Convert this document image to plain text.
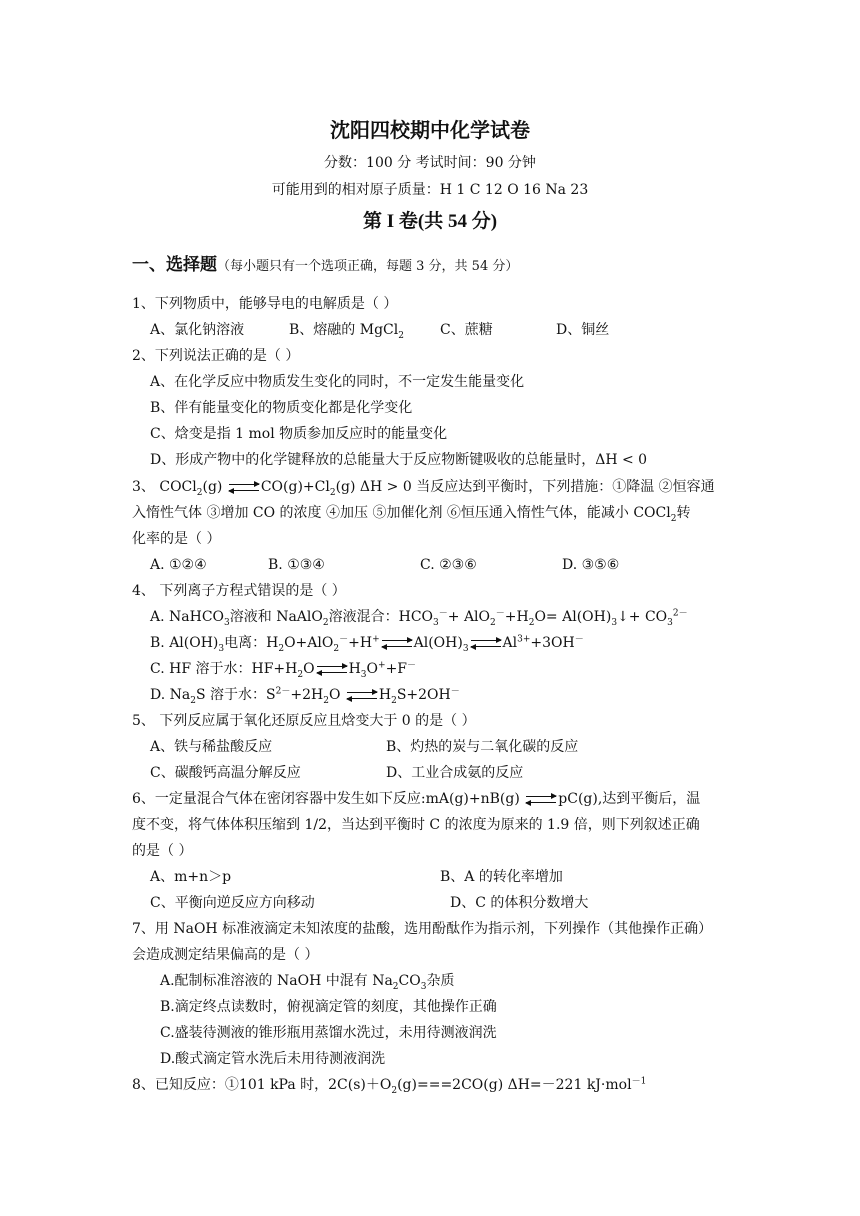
沈阳四校期中化学试卷
分数：100 分 考试时间：90 分钟
可能用到的相对原子质量：H 1 C 12 O 16 Na 23
第 I 卷(共 54 分)
一、选择题（每小题只有一个选项正确，每题 3 分，共 54 分）
1、下列物质中，能够导电的电解质是（ ）
A、氯化钠溶液	B、熔融的 MgCl$_2$	C、蔗糖	D、铜丝
2、下列说法正确的是（ ）
A、在化学反应中物质发生变化的同时，不一定发生能量变化
B、伴有能量变化的物质变化都是化学变化
C、焓变是指 1 mol 物质参加反应时的能量变化
D、形成产物中的化学键释放的总能量大于反应物断键吸收的总能量时，ΔH < 0
3、 COCl$_2$(g)	$CO(g)+Cl_2(g) \Delta H > 0$ 当反应达到平衡时，下列措施：①降温 ②恒容通
入惰性气体 ③增加 CO 的浓度 ④加压 ⑤加催化剂 ⑥恒压通入惰性气体，能减小 COCl$_2$转
化率的是（ ）
A. ①②④	B. ①③④	C. ②③⑥	D. ③⑤⑥
4、 下列离子方程式错误的是（ ）
A. NaHCO$_3$溶液和 NaAlO$_2$溶液混合：$HCO_3^-+ AlO_2^-+H_2O=$ $Al(OH)_3↓+ CO_3^{2-}$
B. $Al(OH)_3$电离：$H_2O+AlO_2^-+H^+$ $Al(OH)_3$ $Al^{3+}+3OH^-$
C. HF 溶于水：$HF+H_2O$ $H_3O^++F^-$
D. $Na_2S$ 溶于水：$S^{2-}+2H_2O$	$H_2S+2OH^-$
5、 下列反应属于氧化还原反应且焓变大于 0 的是（ ）
A、铁与稀盐酸反应	B、灼热的炭与二氧化碳的反应
C、碳酸钙高温分解反应	D、工业合成氨的反应
6、一定量混合气体在密闭容器中发生如下反应:mA(g)+nB(g)	pC(g),达到平衡后，温
度不变，将气体体积压缩到 1/2，当达到平衡时 C 的浓度为原来的 1.9 倍，则下列叙述正确
的是（ ）
A、m+n＞p	B、A 的转化率增加
C、平衡向逆反应方向移动	D、C 的体积分数增大
7、用 NaOH 标准液滴定未知浓度的盐酸，选用酚酞作为指示剂，下列操作（其他操作正确）
会造成测定结果偏高的是（ ）
A.配制标准溶液的 NaOH 中混有 $Na_2CO_3$杂质
B.滴定终点读数时，俯视滴定管的刻度，其他操作正确
C.盛装待测液的锥形瓶用蒸馏水洗过，未用待测液润洗
D.酸式滴定管水洗后未用待测液润洗
8、已知反应：①101 kPa 时，$2C(s)+O_2(g)===2CO(g)$ ΔH=－221 kJ·mol$^{-1}$
